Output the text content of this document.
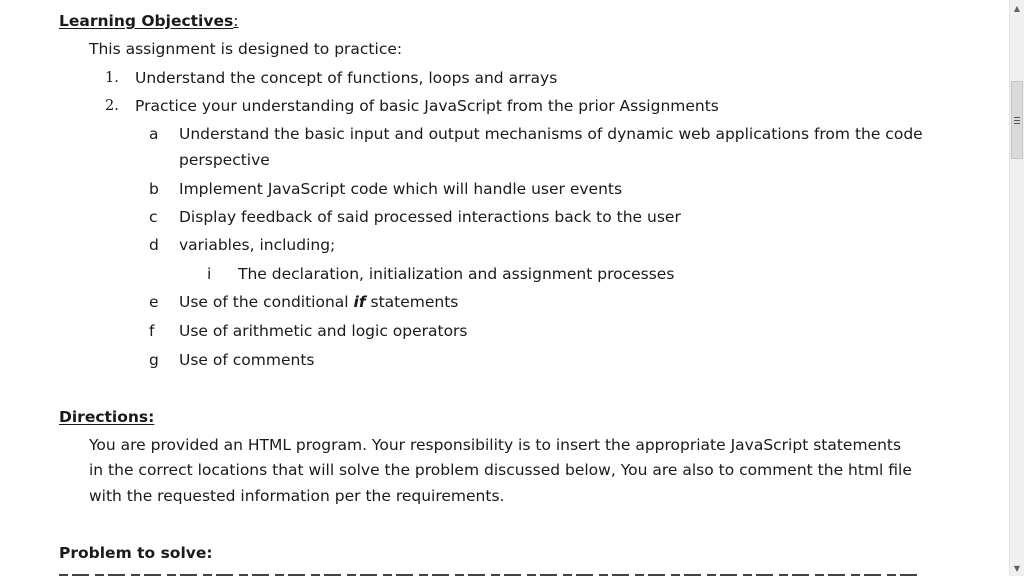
Learning Objectives:
This assignment is designed to practice:
1. Understand the concept of functions, loops and arrays
2. Practice your understanding of basic JavaScript from the prior Assignments
a Understand the basic input and output mechanisms of dynamic web applications from the code
perspective
b Implement JavaScript code which will handle user events
c Display feedback of said processed interactions back to the user
d variables, including;
i The declaration, initialization and assignment processes
e Use of the conditional if statements
f Use of arithmetic and logic operators
g Use of comments
Directions:
You are provided an HTML program. Your responsibility is to insert the appropriate JavaScript statements
in the correct locations that will solve the problem discussed below, You are also to comment the html file
with the requested information per the requirements.
Problem to solve:
▲
▼
